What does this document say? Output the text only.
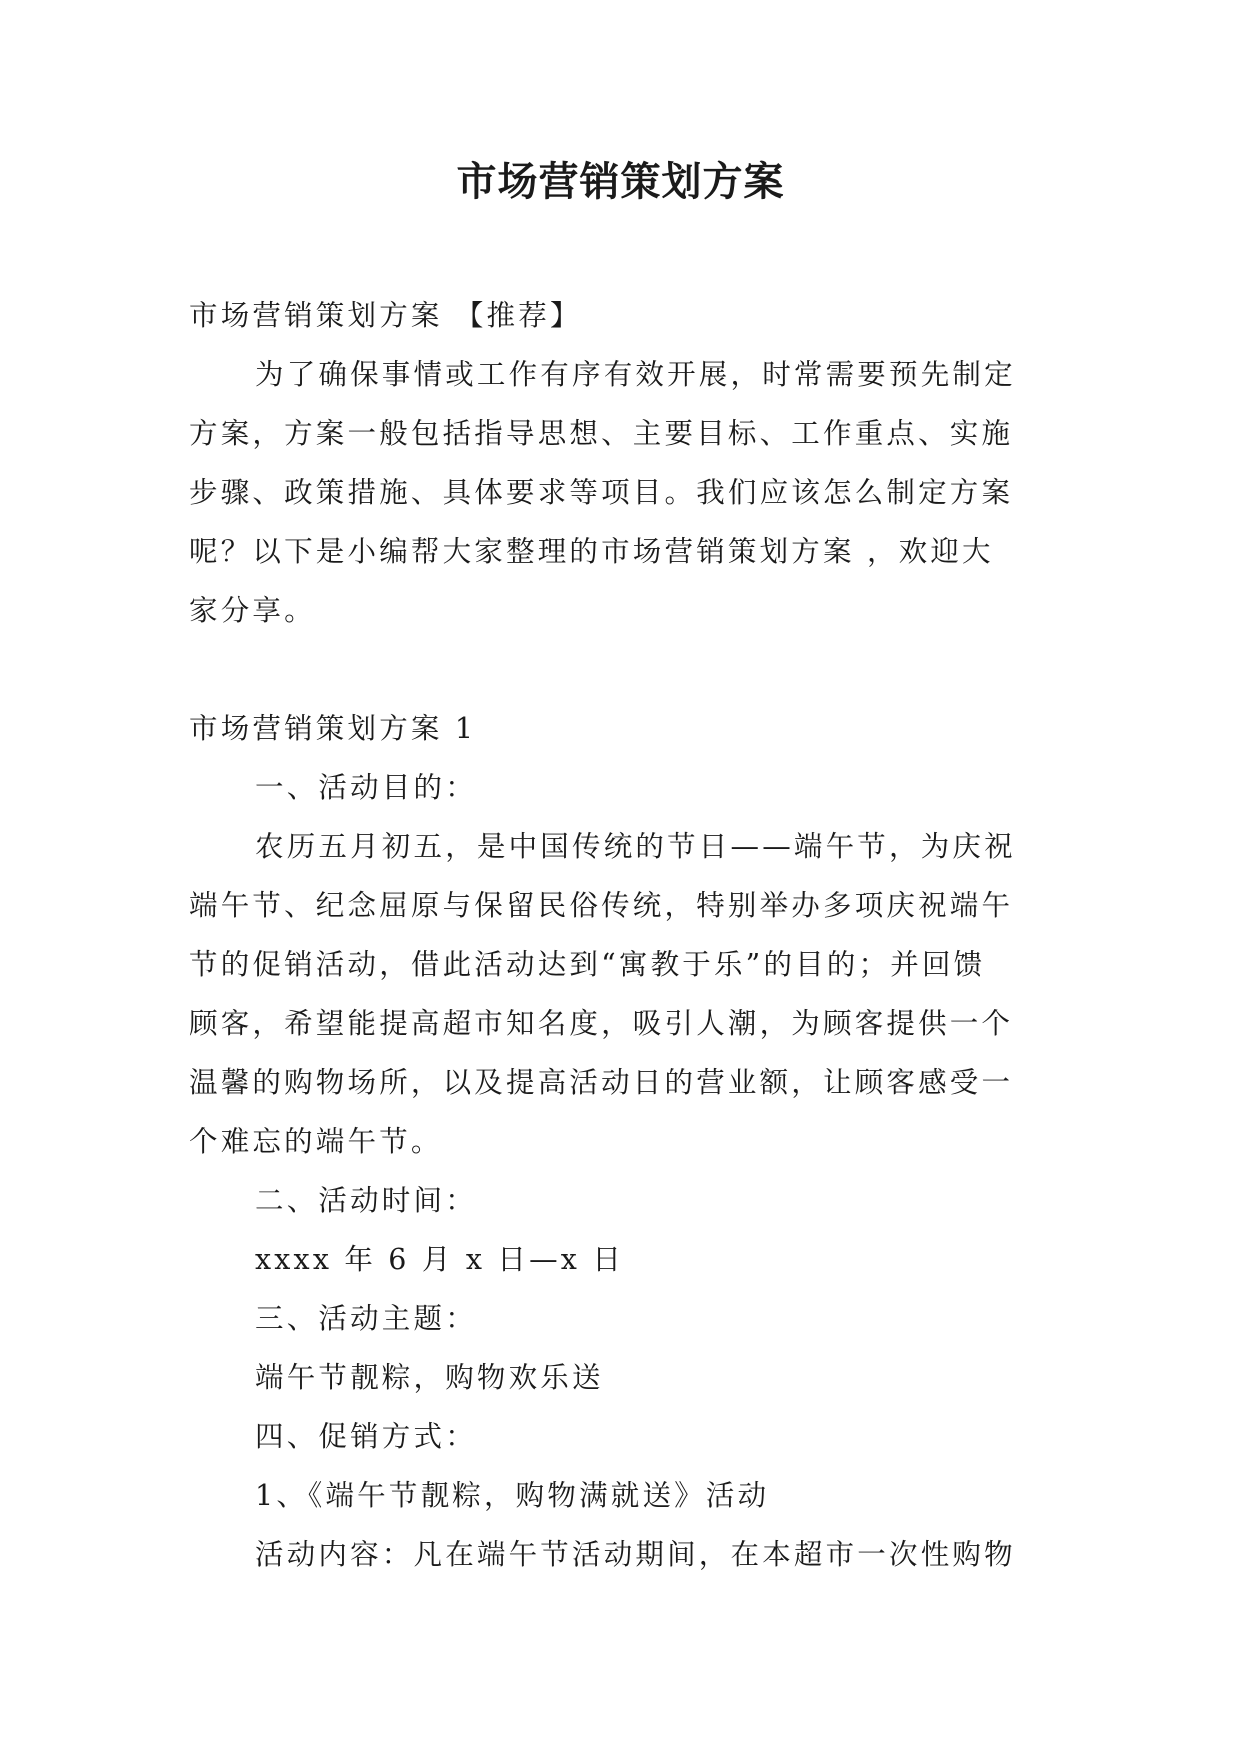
市场营销策划方案
市场营销策划方案 【推荐】
为了确保事情或工作有序有效开展，时常需要预先制定
方案，方案一般包括指导思想、主要目标、工作重点、实施
步骤、政策措施、具体要求等项目。我们应该怎么制定方案
呢？以下是小编帮大家整理的市场营销策划方案 ，欢迎大
家分享。
市场营销策划方案 1
一、活动目的：
农历五月初五，是中国传统的节日——端午节，为庆祝
端午节、纪念屈原与保留民俗传统，特别举办多项庆祝端午
节的促销活动，借此活动达到“寓教于乐”的目的；并回馈
顾客，希望能提高超市知名度，吸引人潮，为顾客提供一个
温馨的购物场所，以及提高活动日的营业额，让顾客感受一
个难忘的端午节。
二、活动时间：
xxxx 年 6 月 x 日—x 日
三、活动主题：
端午节靓粽，购物欢乐送
四、促销方式：
1、《端午节靓粽，购物满就送》活动
活动内容：凡在端午节活动期间，在本超市一次性购物
